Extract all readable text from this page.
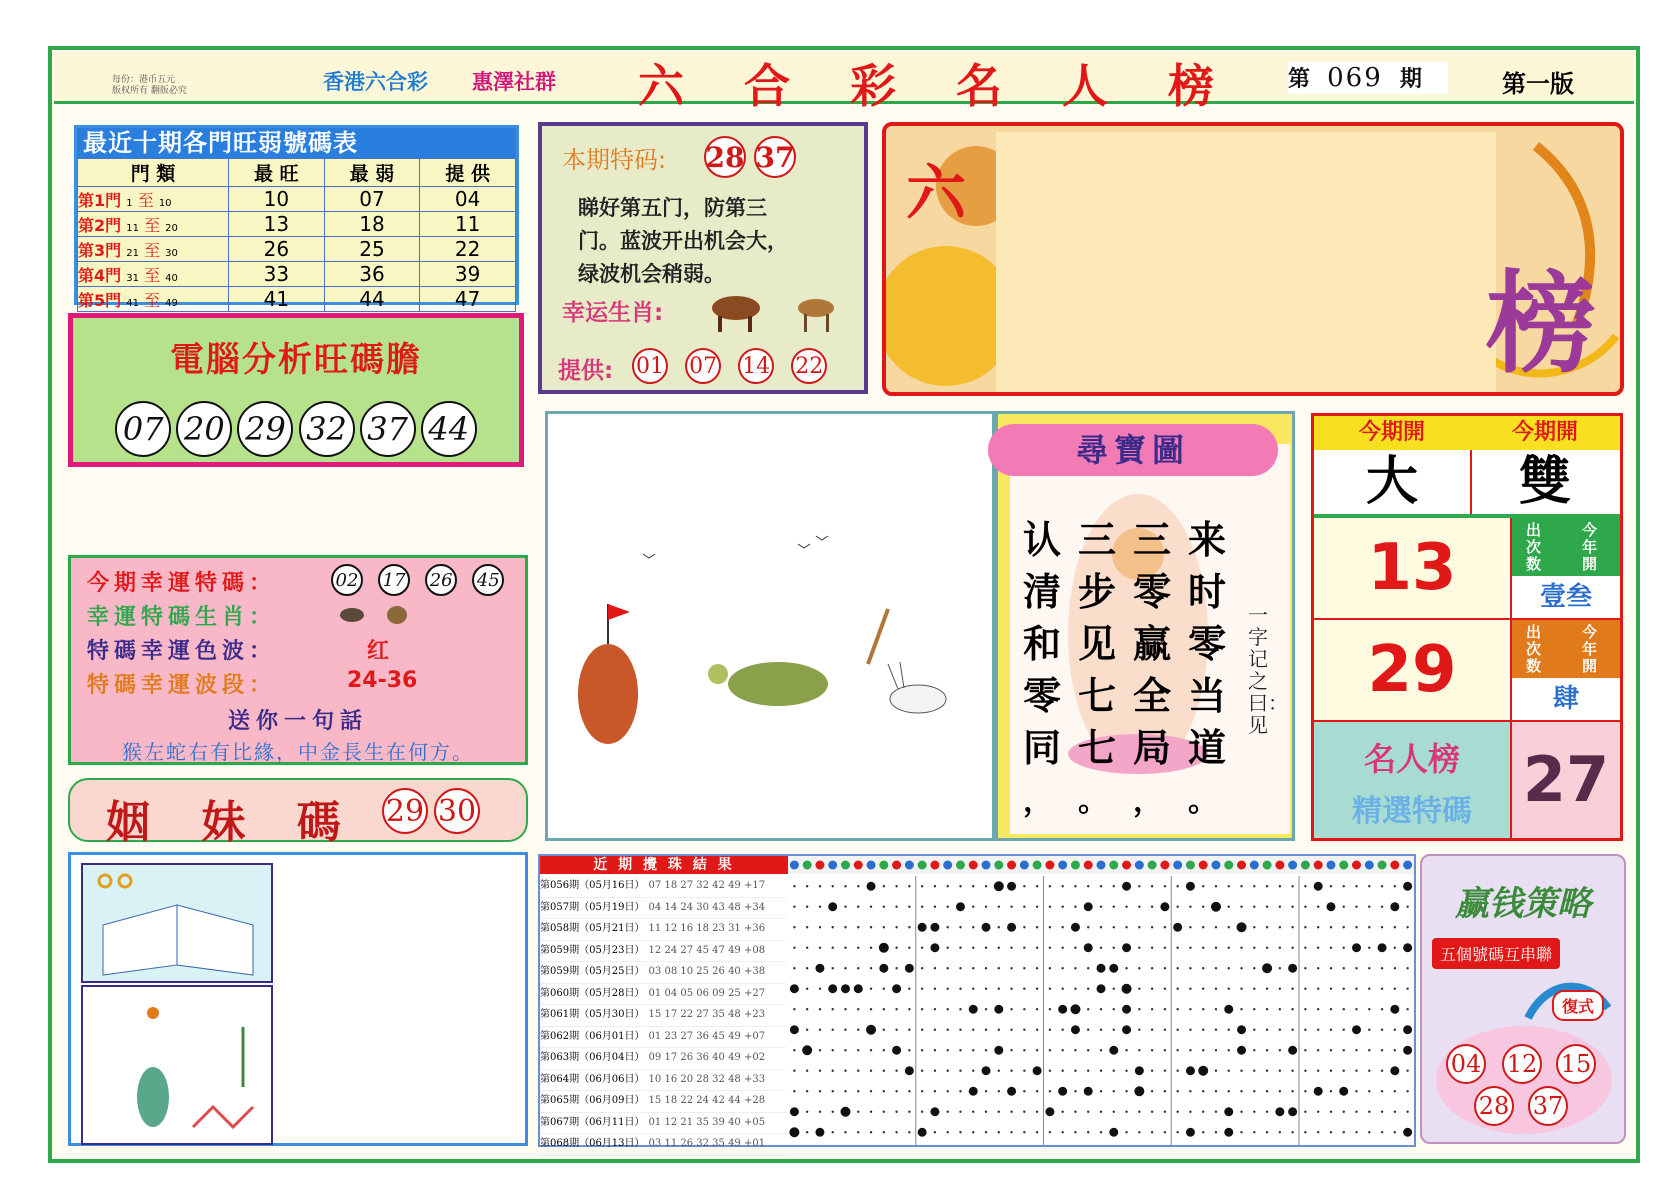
每份：港币五元
版权所有 翻版必究	香港六合彩 惠澤社群	六 合 彩 名 人 榜	第 069 期	第一版
最近十期各門旺弱號碼表
門 類	最 旺	最 弱	提 供
第1門 1 至 10	10	07	04
第2門 11 至 20	13	18	11
第3門 21 至 30	26	25	22
第4門 31 至 40	33	36	39
第5門 41 至 49	41	44	47
電腦分析旺碼膽
07 20 29 32 37 44
本期特码: 28 37
睇好第五门，防第三
门。蓝波开出机会大，
绿波机会稍弱。
幸运生肖:
提供: 01 07 14 22
六
榜
尋寶圖
来时零当道
三零赢全局
三步见七七
认清和零同
。
，
。
，
一字记之曰：见
今期開	今期開
大	雙
13
出次数
今年開
壹叁
29
出次数
今年開
肆
名人榜
精選特碼 27
今期幸運特碼：	02 17 26 45
幸運特碼生肖：
特碼幸運色波：	红
特碼幸運波段：	24-36
送你一句話
猴左蛇右有比緣，中金長生在何方。
姻 妹 碼 29 30
近 期 攪 珠 結 果
第056期（05月16日） 07 18 27 32 42 49 +17
第057期（05月19日） 04 14 24 30 43 48 +34
第058期（05月21日） 11 12 16 18 23 31 +36
第059期（05月23日） 12 24 27 45 47 49 +08
第059期（05月25日） 03 08 10 25 26 40 +38
第060期（05月28日） 01 04 05 06 09 25 +27
第061期（05月30日） 15 17 22 27 35 48 +23
第062期（06月01日） 01 23 27 36 45 49 +07
第063期（06月04日） 09 17 26 36 40 49 +02
第064期（06月06日） 10 16 20 28 32 48 +33
第065期（06月09日） 15 18 22 24 42 44 +28
第067期（06月11日） 01 12 21 35 39 40 +05
第068期（06月13日） 03 11 26 32 35 49 +01
赢钱策略
五個號碼互串聯
復式
04 12 15
28 37
